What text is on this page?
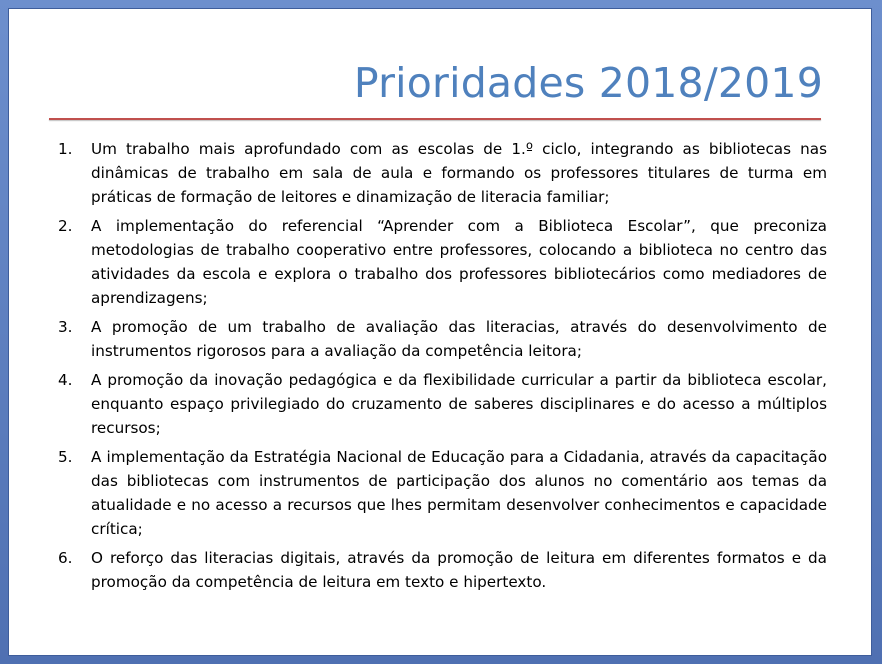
Prioridades 2018/2019
1.	Um trabalho mais aprofundado com as escolas de 1.º ciclo, integrando as bibliotecas nas dinâmicas de trabalho em sala de aula e formando os professores titulares de turma em práticas de formação de leitores e dinamização de literacia familiar;
2.	A implementação do referencial “Aprender com a Biblioteca Escolar”, que preconiza metodologias de trabalho cooperativo entre professores, colocando a biblioteca no centro das atividades da escola e explora o trabalho dos professores bibliotecários como mediadores de aprendizagens;
3.	A promoção de um trabalho de avaliação das literacias, através do desenvolvimento de instrumentos rigorosos para a avaliação da competência leitora;
4.	A promoção da inovação pedagógica e da flexibilidade curricular a partir da biblioteca escolar, enquanto espaço privilegiado do cruzamento de saberes disciplinares e do acesso a múltiplos recursos;
5.	A implementação da Estratégia Nacional de Educação para a Cidadania, através da capacitação das bibliotecas com instrumentos de participação dos alunos no comentário aos temas da atualidade e no acesso a recursos que lhes permitam desenvolver conhecimentos e capacidade crítica;
6.	O reforço das literacias digitais, através da promoção de leitura em diferentes formatos e da promoção da competência de leitura em texto e hipertexto.
